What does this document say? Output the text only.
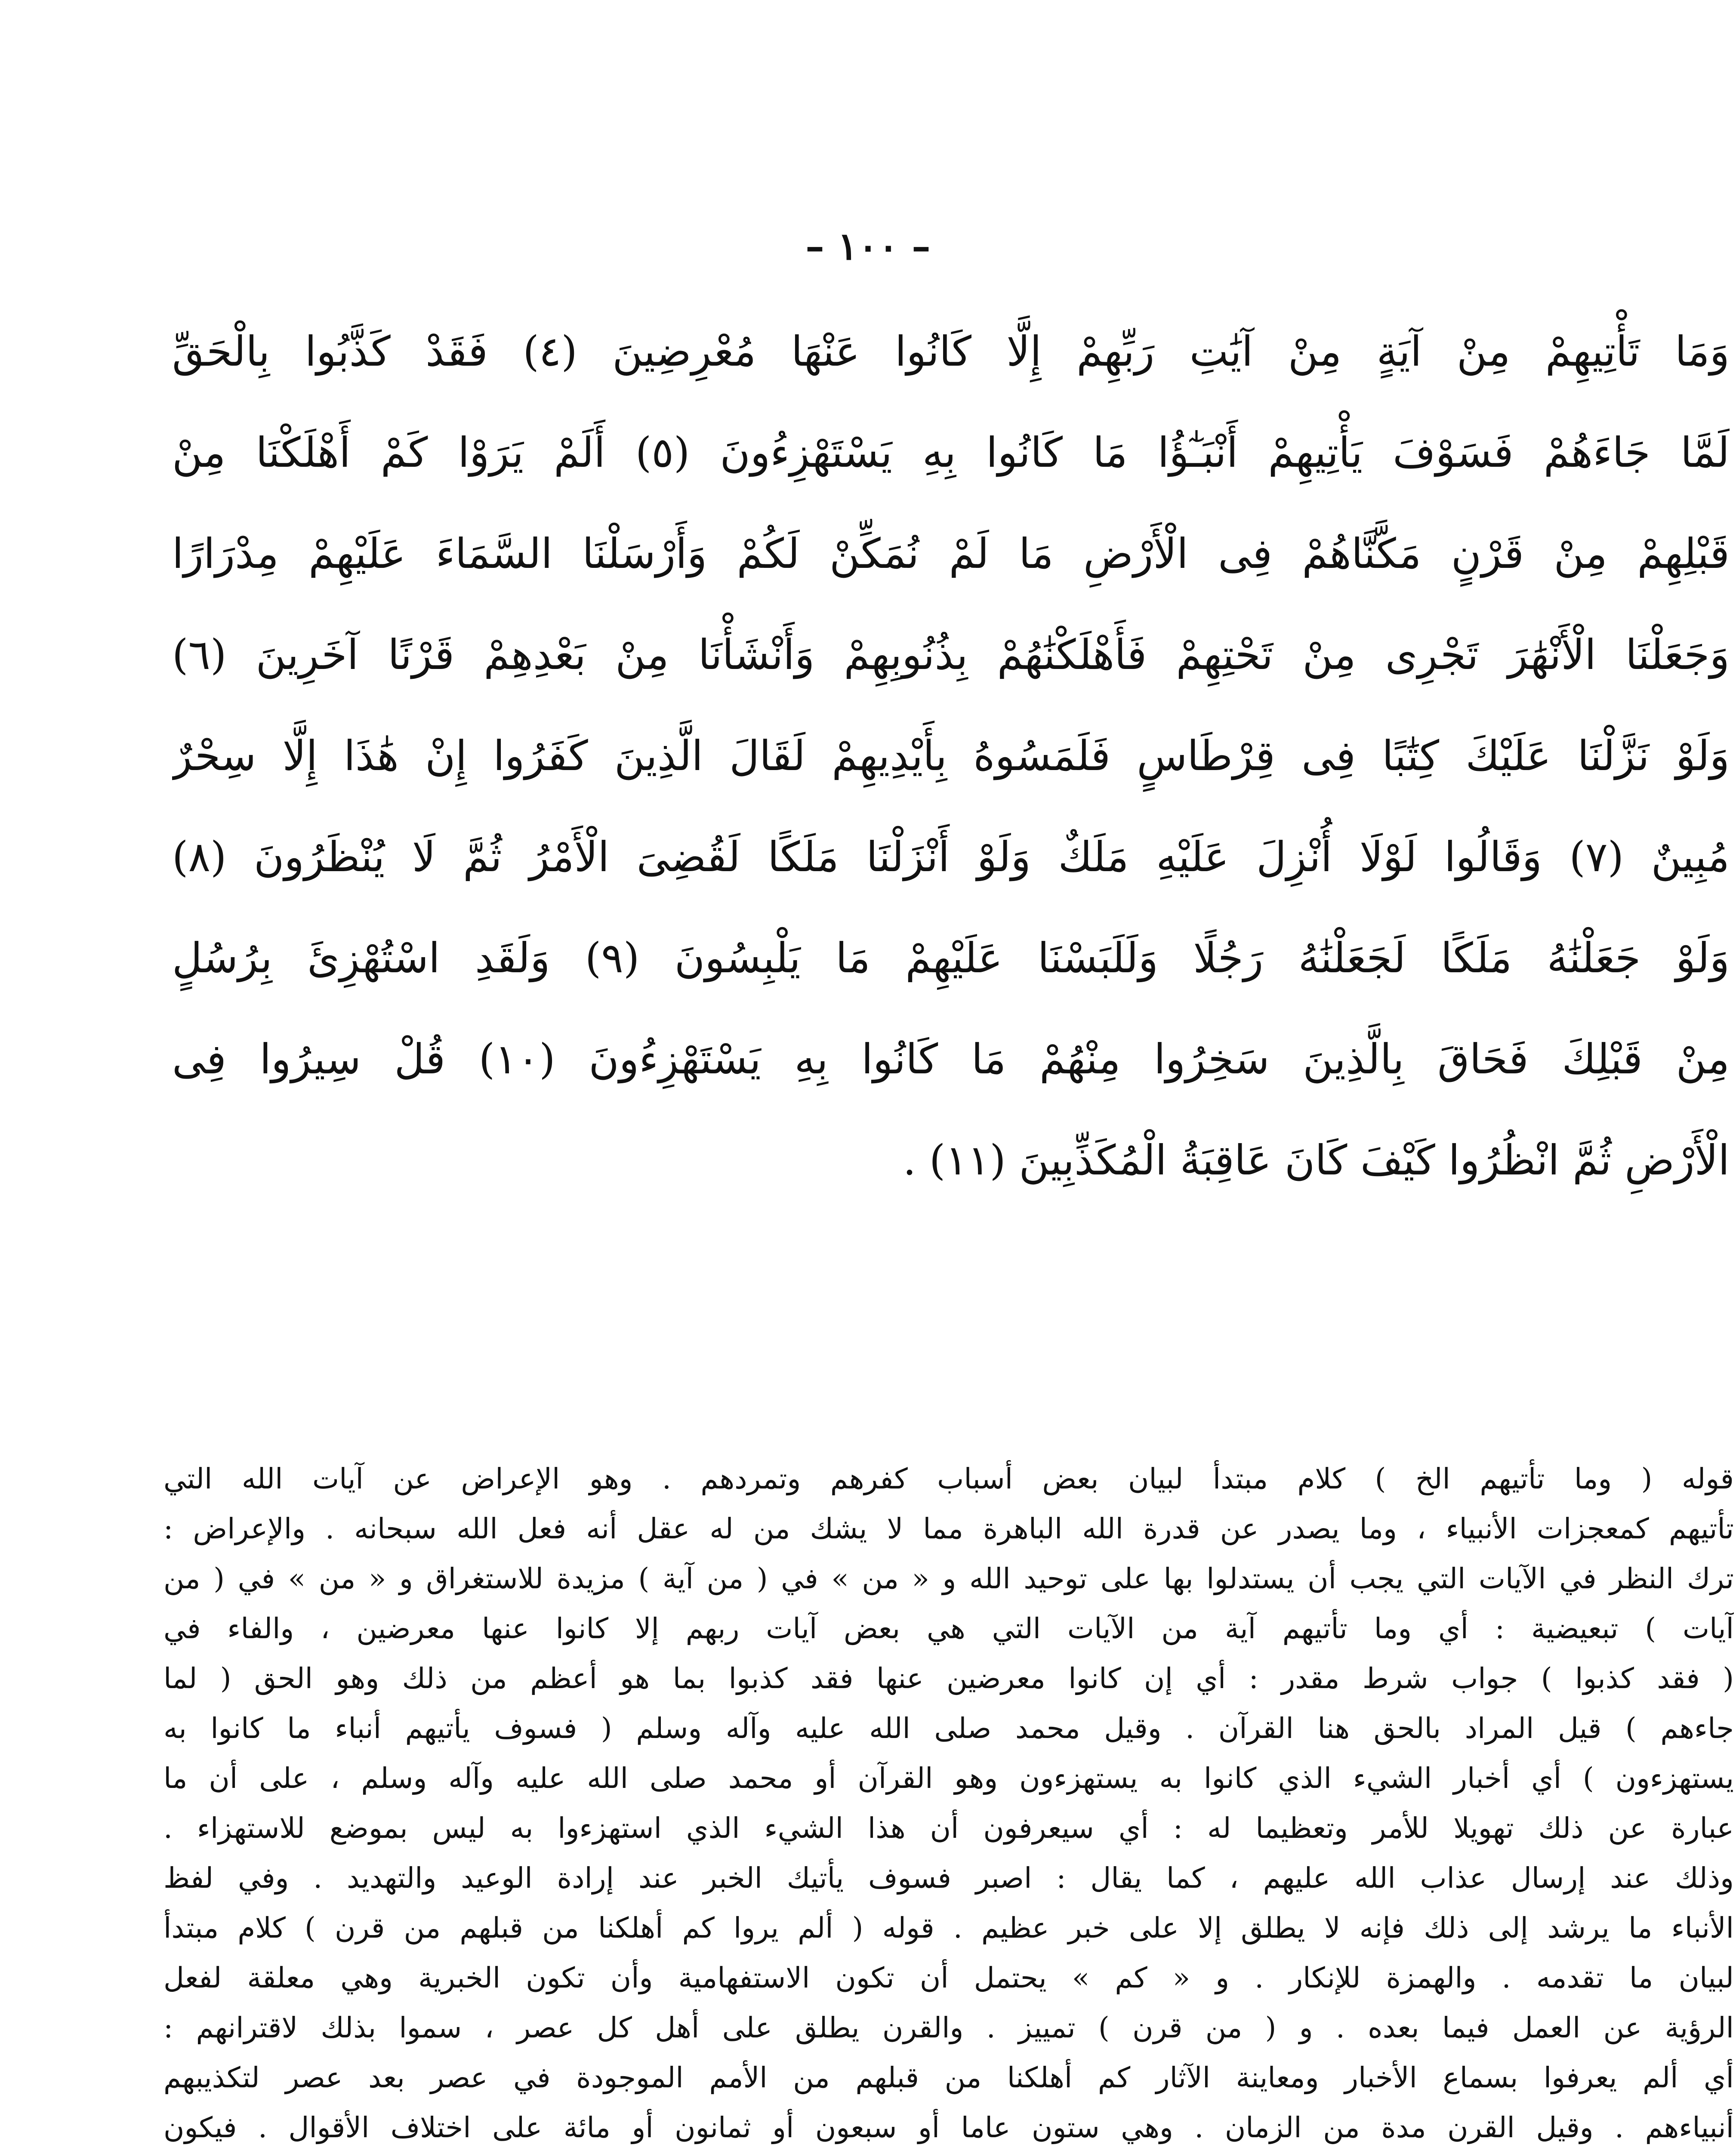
– ١٠٠ –
وَمَا تَأْتِيهِمْ مِنْ آيَةٍ مِنْ آيَٰتِ رَبِّهِمْ إِلَّا كَانُوا عَنْهَا مُعْرِضِينَ (٤) فَقَدْ كَذَّبُوا بِالْحَقِّ
لَمَّا جَاءَهُمْ فَسَوْفَ يَأْتِيهِمْ أَنْبَـٰٓؤُا مَا كَانُوا بِهِ يَسْتَهْزِءُونَ (٥) أَلَمْ يَرَوْا كَمْ أَهْلَكْنَا مِنْ
قَبْلِهِمْ مِنْ قَرْنٍ مَكَّنَّاهُمْ فِى الْأَرْضِ مَا لَمْ نُمَكِّنْ لَكُمْ وَأَرْسَلْنَا السَّمَاءَ عَلَيْهِمْ مِدْرَارًا
وَجَعَلْنَا الْأَنْهَٰرَ تَجْرِى مِنْ تَحْتِهِمْ فَأَهْلَكْنَٰهُمْ بِذُنُوبِهِمْ وَأَنْشَأْنَا مِنْ بَعْدِهِمْ قَرْنًا آخَرِينَ (٦)
وَلَوْ نَزَّلْنَا عَلَيْكَ كِتَٰبًا فِى قِرْطَاسٍ فَلَمَسُوهُ بِأَيْدِيهِمْ لَقَالَ الَّذِينَ كَفَرُوا إِنْ هَٰذَا إِلَّا سِحْرٌ
مُبِينٌ (٧) وَقَالُوا لَوْلَا أُنْزِلَ عَلَيْهِ مَلَكٌ وَلَوْ أَنْزَلْنَا مَلَكًا لَقُضِىَ الْأَمْرُ ثُمَّ لَا يُنْظَرُونَ (٨)
وَلَوْ جَعَلْنَٰهُ مَلَكًا لَجَعَلْنَٰهُ رَجُلًا وَلَلَبَسْنَا عَلَيْهِمْ مَا يَلْبِسُونَ (٩) وَلَقَدِ اسْتُهْزِئَ بِرُسُلٍ
مِنْ قَبْلِكَ فَحَاقَ بِالَّذِينَ سَخِرُوا مِنْهُمْ مَا كَانُوا بِهِ يَسْتَهْزِءُونَ (١٠) قُلْ سِيرُوا فِى
الْأَرْضِ ثُمَّ انْظُرُوا كَيْفَ كَانَ عَاقِبَةُ الْمُكَذِّبِينَ (١١) .
قوله ( وما تأتيهم الخ ) كلام مبتدأ لبيان بعض أسباب كفرهم وتمردهم . وهو الإعراض عن آيات الله التي
تأتيهم كمعجزات الأنبياء ، وما يصدر عن قدرة الله الباهرة مما لا يشك من له عقل أنه فعل الله سبحانه . والإعراض :
ترك النظر في الآيات التي يجب أن يستدلوا بها على توحيد الله و « من » في ( من آية ) مزيدة للاستغراق و « من » في ( من
آيات ) تبعيضية : أي وما تأتيهم آية من الآيات التي هي بعض آيات ربهم إلا كانوا عنها معرضين ، والفاء في
( فقد كذبوا ) جواب شرط مقدر : أي إن كانوا معرضين عنها فقد كذبوا بما هو أعظم من ذلك وهو الحق ( لما
جاءهم ) قيل المراد بالحق هنا القرآن . وقيل محمد صلى الله عليه وآله وسلم ( فسوف يأتيهم أنباء ما كانوا به
يستهزءون ) أي أخبار الشيء الذي كانوا به يستهزءون وهو القرآن أو محمد صلى الله عليه وآله وسلم ، على أن ما
عبارة عن ذلك تهويلا للأمر وتعظيما له : أي سيعرفون أن هذا الشيء الذي استهزءوا به ليس بموضع للاستهزاء .
وذلك عند إرسال عذاب الله عليهم ، كما يقال : اصبر فسوف يأتيك الخبر عند إرادة الوعيد والتهديد . وفي لفظ
الأنباء ما يرشد إلى ذلك فإنه لا يطلق إلا على خبر عظيم . قوله ( ألم يروا كم أهلكنا من قبلهم من قرن ) كلام مبتدأ
لبيان ما تقدمه . والهمزة للإنكار . و « كم » يحتمل أن تكون الاستفهامية وأن تكون الخبرية وهي معلقة لفعل
الرؤية عن العمل فيما بعده . و ( من قرن ) تمييز . والقرن يطلق على أهل كل عصر ، سموا بذلك لاقترانهم :
أي ألم يعرفوا بسماع الأخبار ومعاينة الآثار كم أهلكنا من قبلهم من الأمم الموجودة في عصر بعد عصر لتكذيبهم
أنبياءهم . وقيل القرن مدة من الزمان . وهي ستون عاما أو سبعون أو ثمانون أو مائة على اختلاف الأقوال . فيكون
